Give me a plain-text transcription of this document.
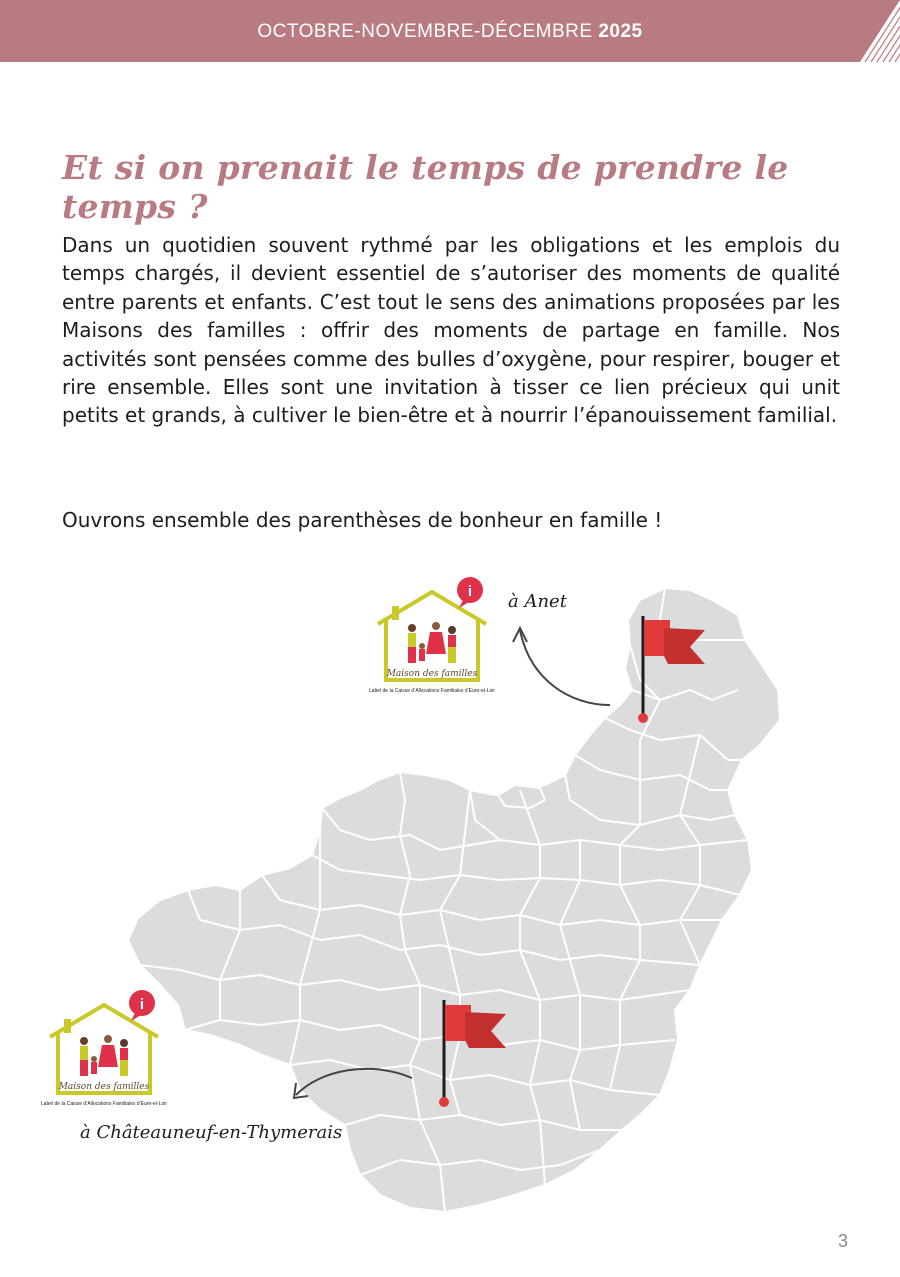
OCTOBRE-NOVEMBRE-DÉCEMBRE 2025
Et si on prenait le temps de prendre le temps ?

Dans un quotidien souvent rythmé par les obligations et les emplois du temps chargés, il devient essentiel de s’autoriser des moments de qualité entre parents et enfants. C’est tout le sens des animations proposées par les Maisons des familles : offrir des moments de partage en famille. Nos activités sont pensées comme des bulles d’oxygène, pour respirer, bouger et rire ensemble. Elles sont une invitation à tisser ce lien précieux qui unit petits et grands, à cultiver le bien-être et à nourrir l’épanouissement familial.

Ouvrons ensemble des parenthèses de bonheur en famille !

i
Maison des familles
Label de la Caisse d’Allocations Familiales d’Eure-et-Loir
i
Maison des familles
Label de la Caisse d’Allocations Familiales d’Eure-et-Loir
à Anet
à Châteauneuf-en-Thymerais
3
